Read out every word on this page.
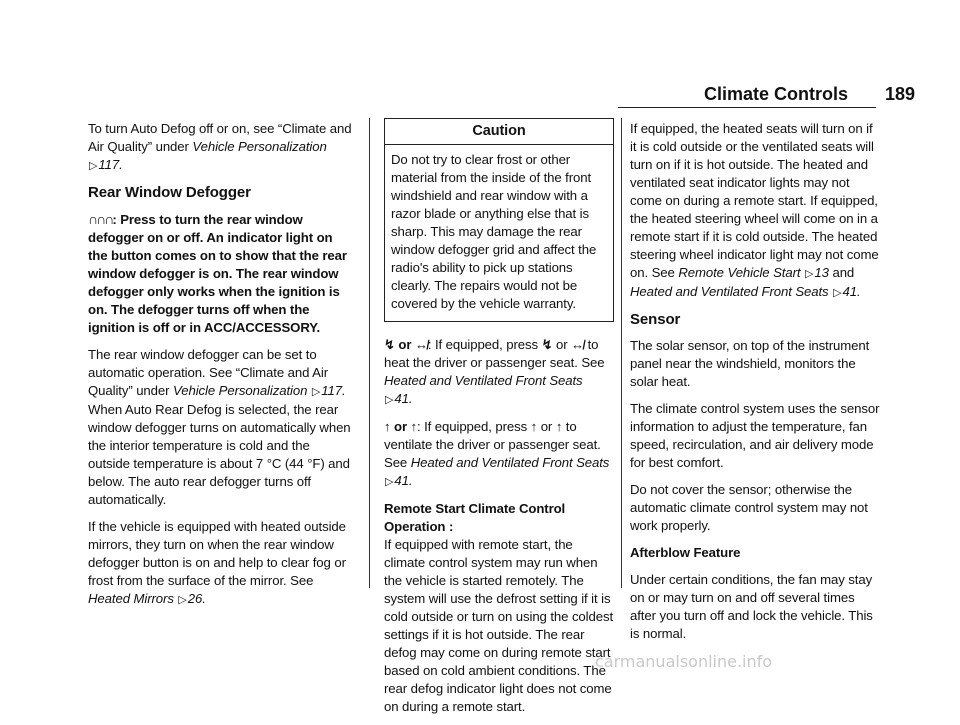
Climate Controls 189

To turn Auto Defog off or on, see “Climate and Air Quality” under Vehicle Personalization ▷117.

Rear Window Defogger

∩∩∩: Press to turn the rear window defogger on or off. An indicator light on the button comes on to show that the rear window defogger is on. The rear window defogger only works when the ignition is on. The defogger turns off when the ignition is off or in ACC/ACCESSORY.

The rear window defogger can be set to automatic operation. See “Climate and Air Quality” under Vehicle Personalization ▷117. When Auto Rear Defog is selected, the rear window defogger turns on automatically when the interior temperature is cold and the outside temperature is about 7 °C (44 °F) and below. The auto rear defogger turns off automatically.

If the vehicle is equipped with heated outside mirrors, they turn on when the rear window defogger button is on and help to clear fog or frost from the surface of the mirror. See Heated Mirrors ▷26.

Caution
Do not try to clear frost or other material from the inside of the front windshield and rear window with a razor blade or anything else that is sharp. This may damage the rear window defogger grid and affect the radio's ability to pick up stations clearly. The repairs would not be covered by the vehicle warranty.

↯ or ↮: If equipped, press ↯ or ↮ to heat the driver or passenger seat. See Heated and Ventilated Front Seats ▷41.

↑ or ↑: If equipped, press ↑ or ↑ to ventilate the driver or passenger seat. See Heated and Ventilated Front Seats ▷41.

Remote Start Climate Control Operation :
If equipped with remote start, the climate control system may run when the vehicle is started remotely. The system will use the defrost setting if it is cold outside or turn on using the coldest settings if it is hot outside. The rear defog may come on during remote start based on cold ambient conditions. The rear defog indicator light does not come on during a remote start.

If equipped, the heated seats will turn on if it is cold outside or the ventilated seats will turn on if it is hot outside. The heated and ventilated seat indicator lights may not come on during a remote start. If equipped, the heated steering wheel will come on in a remote start if it is cold outside. The heated steering wheel indicator light may not come on. See Remote Vehicle Start ▷13 and Heated and Ventilated Front Seats ▷41.

Sensor

The solar sensor, on top of the instrument panel near the windshield, monitors the solar heat.

The climate control system uses the sensor information to adjust the temperature, fan speed, recirculation, and air delivery mode for best comfort.

Do not cover the sensor; otherwise the automatic climate control system may not work properly.

Afterblow Feature

Under certain conditions, the fan may stay on or may turn on and off several times after you turn off and lock the vehicle. This is normal.

carmanualsonline.info
